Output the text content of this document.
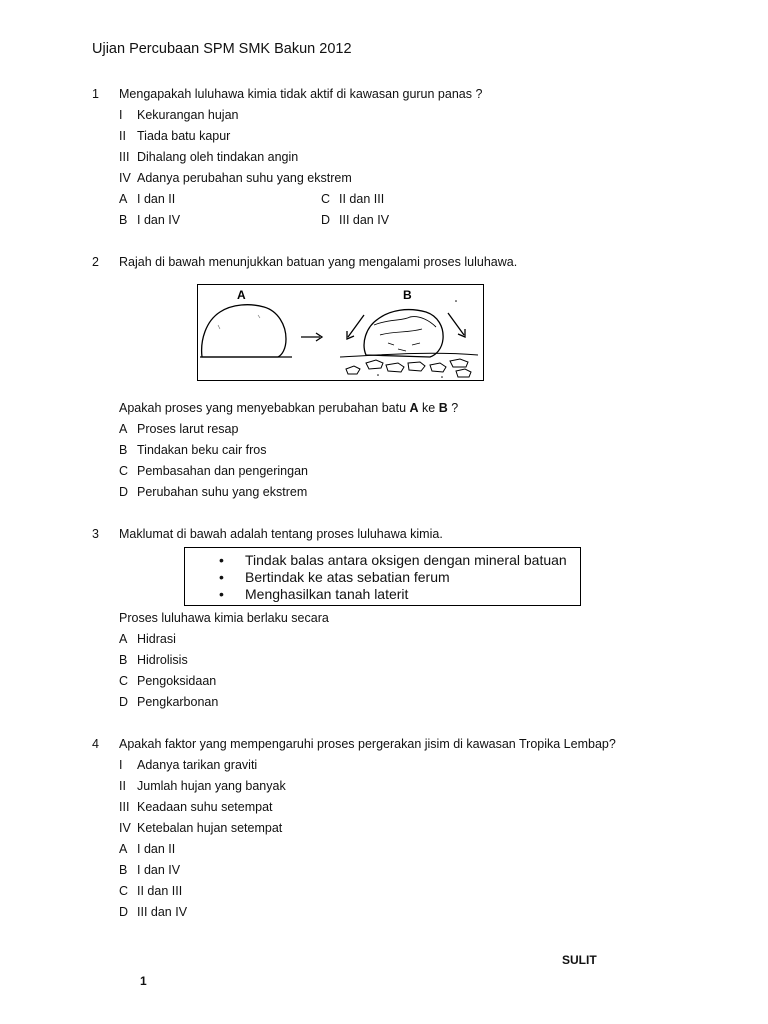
Ujian Percubaan SPM SMK Bakun 2012
1 Mengapakah luluhawa kimia tidak aktif di kawasan gurun panas ?
I Kekurangan hujan
II Tiada batu kapur
III Dihalang oleh tindakan angin
IV Adanya perubahan suhu yang ekstrem
A I dan II	C II dan III
B I dan IV	D III dan IV
2 Rajah di bawah menunjukkan batuan yang mengalami proses luluhawa.
A	B
Apakah proses yang menyebabkan perubahan batu A ke B ?
A Proses larut resap
B Tindakan beku cair fros
C Pembasahan dan pengeringan
D Perubahan suhu yang ekstrem
3 Maklumat di bawah adalah tentang proses luluhawa kimia.
• Tindak balas antara oksigen dengan mineral batuan
• Bertindak ke atas sebatian ferum
• Menghasilkan tanah laterit
Proses luluhawa kimia berlaku secara
A Hidrasi
B Hidrolisis
C Pengoksidaan
D Pengkarbonan
4 Apakah faktor yang mempengaruhi proses pergerakan jisim di kawasan Tropika Lembap?
I Adanya tarikan graviti
II Jumlah hujan yang banyak
III Keadaan suhu setempat
IV Ketebalan hujan setempat
A I dan II
B I dan IV
C II dan III
D III dan IV
SULIT
1
